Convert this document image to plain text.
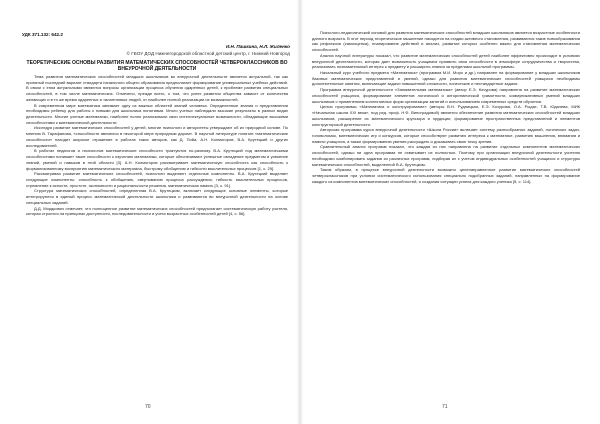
УДК 371.132: 642.2
И.Н. Пашкина, Н.Л. Жиленко
© ГБОУ ДОД Нижнегородской областной детский центр, г. Нижний Новгород
ТЕОРЕТИЧЕСКИЕ ОСНОВЫ РАЗВИТИЯ МАТЕМАТИЧЕСКИХ СПОСОБНОСТЕЙ ЧЕТВЕРОКЛАССНИКОВ ВО ВНЕУРОЧНОЙ ДЕЯТЕЛЬНОСТИ

Тема развития математических способностей младших школьников во внеурочной деятельности является актуальной, так как принятый последний вариант стандарта начального общего образования предполагает формирование универсальных учебных действий. В связи с этим актуальными являются вопросы организации процесса обучения одаренных детей, к проблеме развития специальных способностей, в том числе математических. Отмечено, прежде всего, о том, что успех развития общества зависит от количества желающих и в то же время одаренных и талантливых людей, от наиболее полной реализации их возможностей.

В современном мире математика занимает одну из важных областей знаний человека. Определенные знания и представления необходимы ребенку для работы с новыми для школьника понятиями. Много ученых наблюдали высокие результаты в разных видах деятельности. Многие ученые математики, наиболее полно реализовали свои интеллектуальные возможности, обладающие высокими способностями к математической деятельности.

Исследуя развитие математических способностей у детей, многие психологи и авторитеты утверждают об их природной основе. По мнению В. Тарафанова, «способности являются в некоторой мере природным даром». В научной литературе понятие «математические способности» находит широкое отражение в работах таких авторов, как Д. Пойа, А.Н. Колмогоров, В.А. Крутецкий и других исследователей.

В работах педагогов и психологов математические способности трактуются по-разному. В.А. Крутецкий под математическими способностями понимает такие способности к изучению математики, которые обеспечивают успешное овладение предметом и усвоение знаний, умений и навыков в этой области [3]. А.Н. Колмогоров рассматривает математическую способность как способность к формализованному восприятию математического материала, быстрому обобщению и гибкости мыслительных процессов [1, с. 29].

Рассматривая развитие математических способностей, психологи выделяют отдельные компоненты. В.А. Крутецкий выделяет следующие компоненты: способность к обобщению, свертыванию процесса рассуждения, гибкость мыслительных процессов, стремление к ясности, простоте, экономности и рациональности решения, математическая память [3, с. 91].

Структура математических способностей, определенная В.А. Крутецким, включает следующие основные элементы, которые интегрируются в единый процесс математической деятельности школьника и развиваются во внеурочной деятельности на основе специальных заданий.

Д.Д. Мордкович отмечает, что полноценное развитие математических способностей предполагает систематическую работу учителя, которая строится на принципах доступности, последовательности и учета возрастных особенностей детей [4, с. 56].

70

Психолого-педагогический основой для развития математических способностей младших школьников является возрастные особенности данного возраста. В этот период теоретическое мышление находится на стадии активного становления, развиваются такие новообразования как рефлексия (самооценка), планирование действий и анализ, развитие которых особенно важно для становления математических способностей.

Анализ научной литературы показал, что развитие математических способностей детей наиболее эффективно происходит в условиях внеурочной деятельности, которая дает возможность учащимся проявить свои способности в атмосфере сотрудничества и творчества, реализовать познавательный интерес к предмету и расширить знания за пределами школьной программы.

Начальный курс учебного предмета «Математика» (программа М.И. Моро и др.) направлен на формирование у младших школьников базовых математических представлений и умений, однако для развития математических способностей учащихся необходимы дополнительные занятия, включающие задачи повышенной сложности, логические и нестандартные задачи.

Программа внеурочной деятельности «Занимательная математика» (автор Е.Э. Кочурова) направлена на развитие математических способностей учащихся, формирование элементов логической и алгоритмической грамотности, коммуникативных умений младших школьников с применением коллективных форм организации занятий и использованием современных средств обучения.

Целью программы «Математика и конструирование» (авторы В.Н. Рудницкая, Е.Э. Кочурова, О.А. Рыдзе, Т.В. Юдачева, МИК «Начальная школа XXI века», под ред. проф. Н.Ф. Виноградовой) является обеспечение развития математических способностей младших школьников, расширение их математического кругозора и эрудиции, формирование пространственных представлений и элементов конструкторской деятельности.

Авторская программа курса внеурочной деятельности «Школа России» включает систему разнообразных заданий, логических задач, головоломок, математических игр и конкурсов, которые способствуют развитию интереса к математике, развитию мышления, внимания и памяти учащихся, а также формированию умения рассуждать и доказывать свою точку зрения.

Сравнительный анализ программ показал, что каждая из них направлена на развитие отдельных компонентов математических способностей, однако ни одна программа не охватывает их полностью. Поэтому при организации внеурочной деятельности учителю необходимо комбинировать задания из различных программ, подбирая их с учетом индивидуальных особенностей учащихся и структуры математических способностей, выделенной В.А. Крутецким.

Таким образом, в процессе внеурочной деятельности возможно целенаправленное развитие математических способностей четвероклассников при условии систематического использования специально подобранных заданий, направленных на формирование каждого из компонентов математических способностей, и создания ситуации успеха для каждого ученика [5, с. 114].

71
